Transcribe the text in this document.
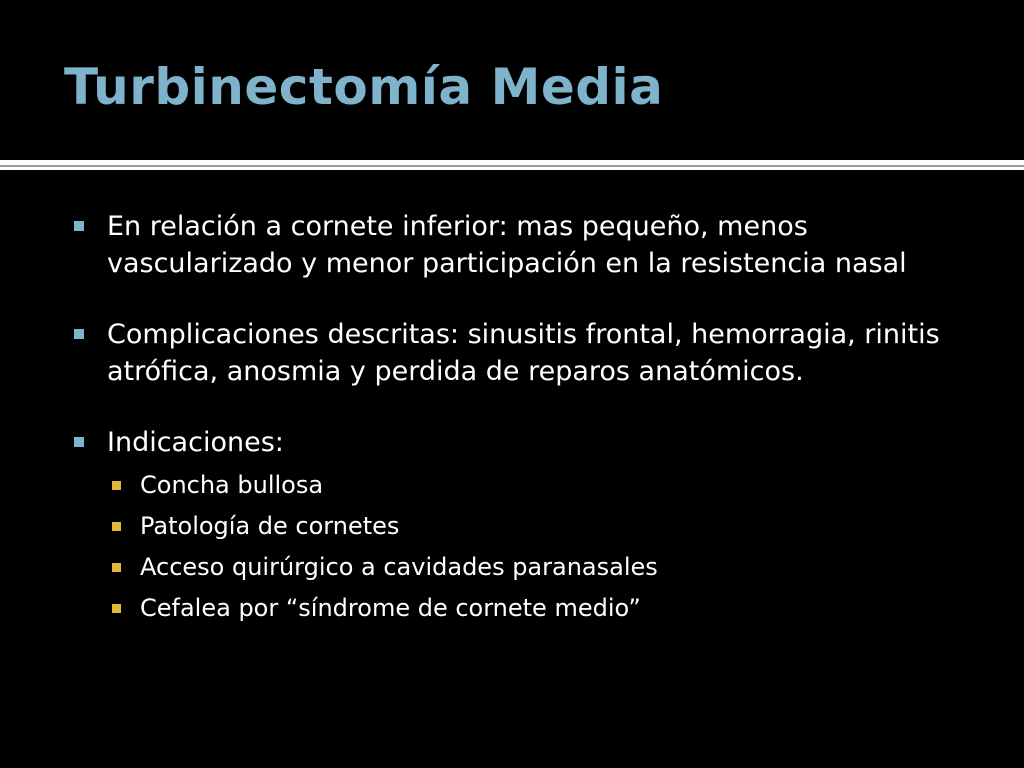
Turbinectomía Media
En relación a cornete inferior: mas pequeño, menos vascularizado y menor participación en la resistencia nasal
Complicaciones descritas: sinusitis frontal, hemorragia, rinitis atrófica, anosmia y perdida de reparos anatómicos.
Indicaciones:
Concha bullosa
Patología de cornetes
Acceso quirúrgico a cavidades paranasales
Cefalea por “síndrome de cornete medio”
